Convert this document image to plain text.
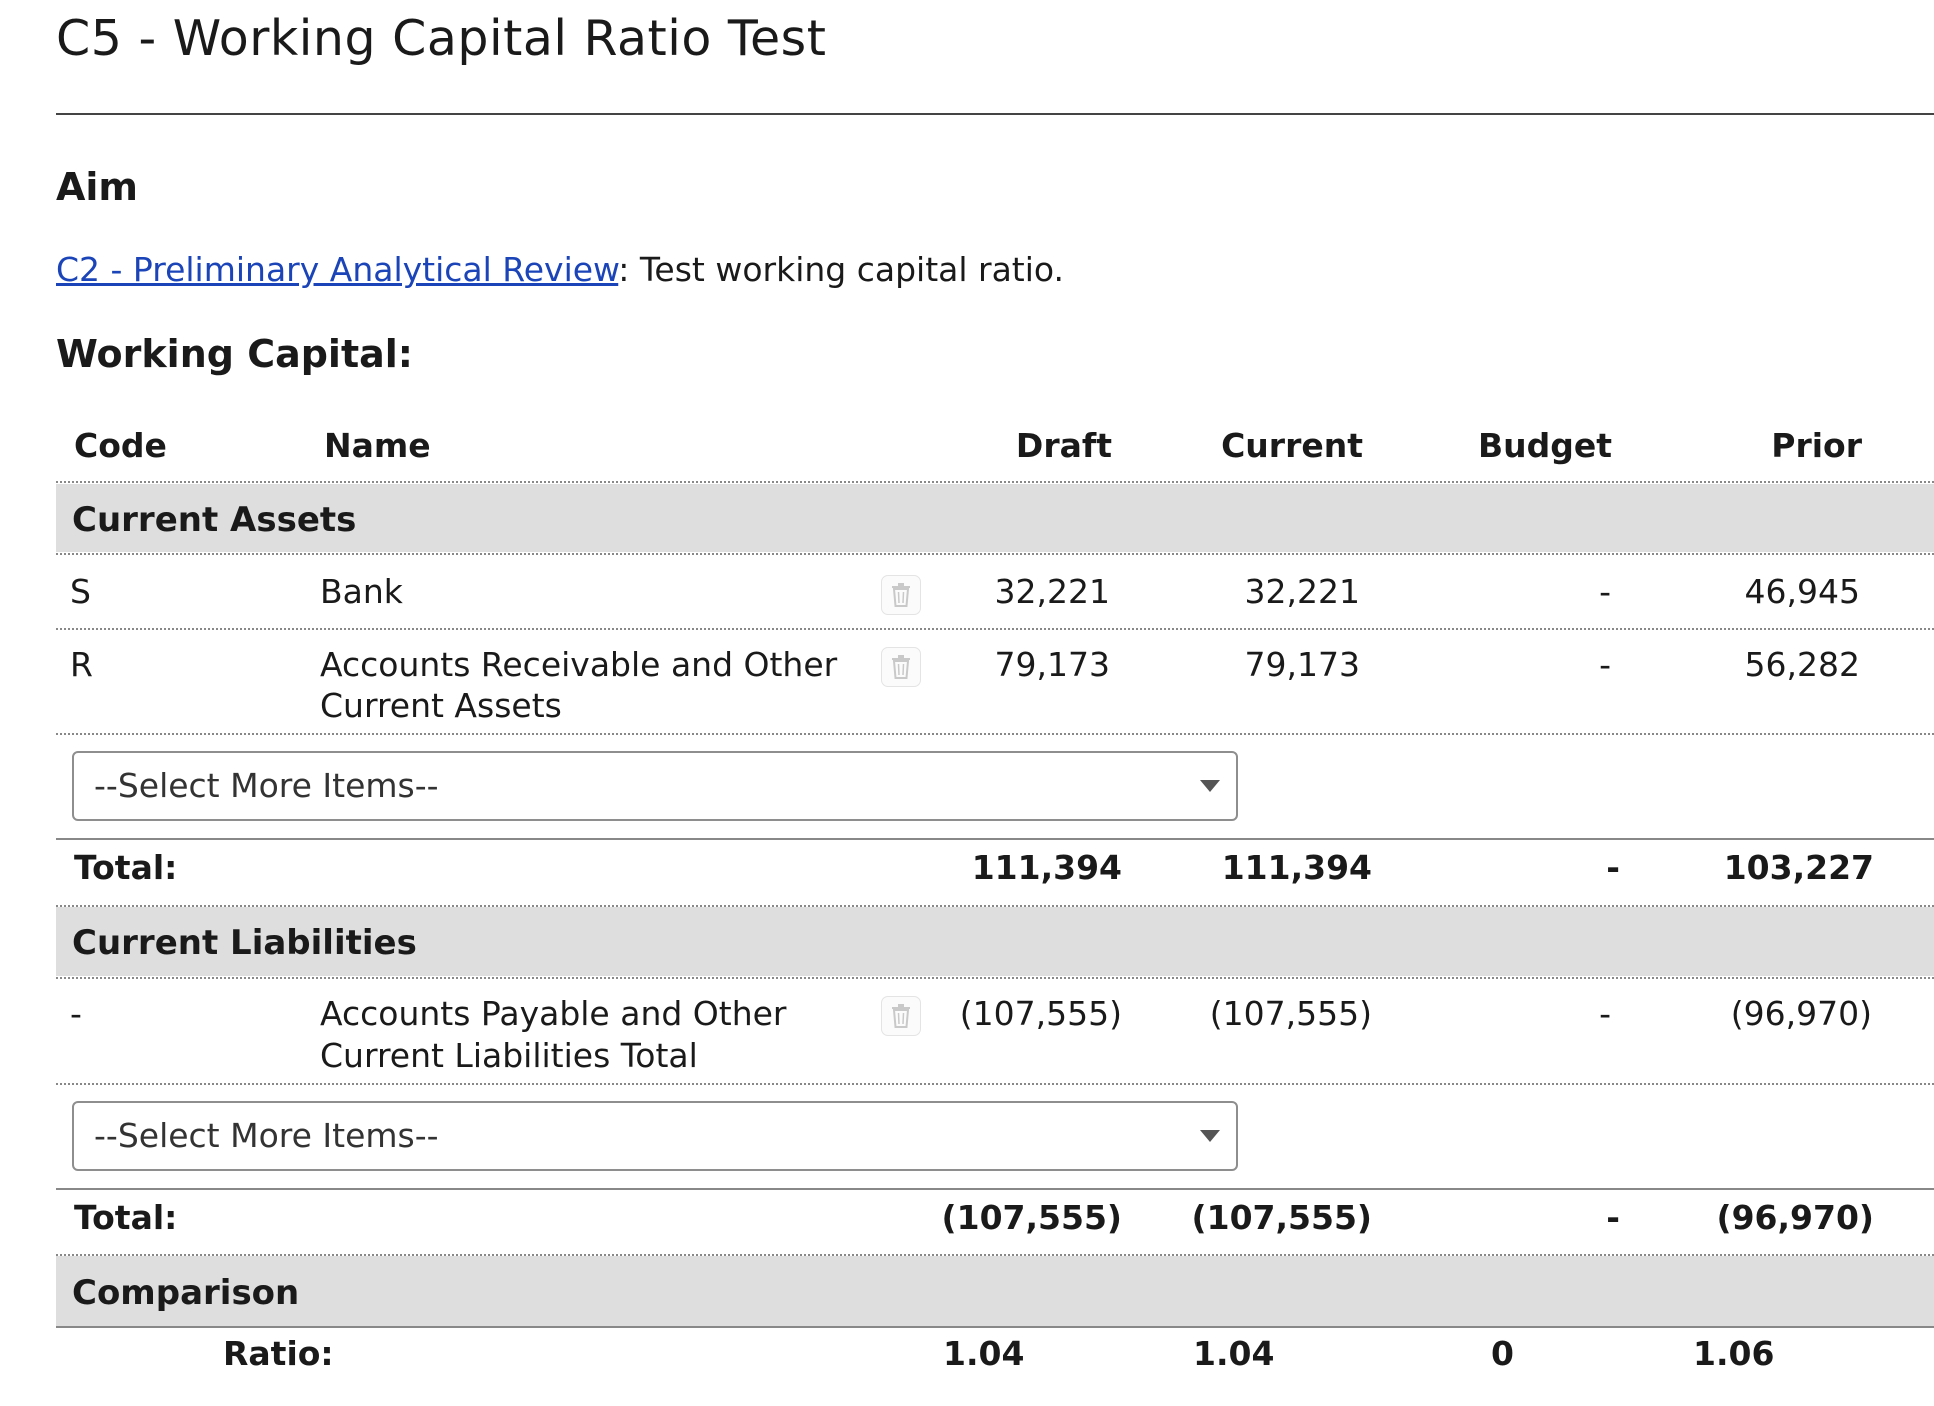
C5 - Working Capital Ratio Test
Aim
C2 - Preliminary Analytical Review: Test working capital ratio.
Working Capital:
Code	Name	Draft	Current	Budget	Prior
Current Assets
S	Bank	32,221	32,221	-	46,945
R	Accounts Receivable and Other
Current Assets
79,173	79,173	-	56,282
--Select More Items--
Total:	111,394	111,394	-	103,227
Current Liabilities
-	Accounts Payable and Other
Current Liabilities Total
(107,555)	(107,555)	-	(96,970)
--Select More Items--
Total:	(107,555) (107,555)	-	(96,970)
Comparison
Ratio:	1.04	1.04	0	1.06
